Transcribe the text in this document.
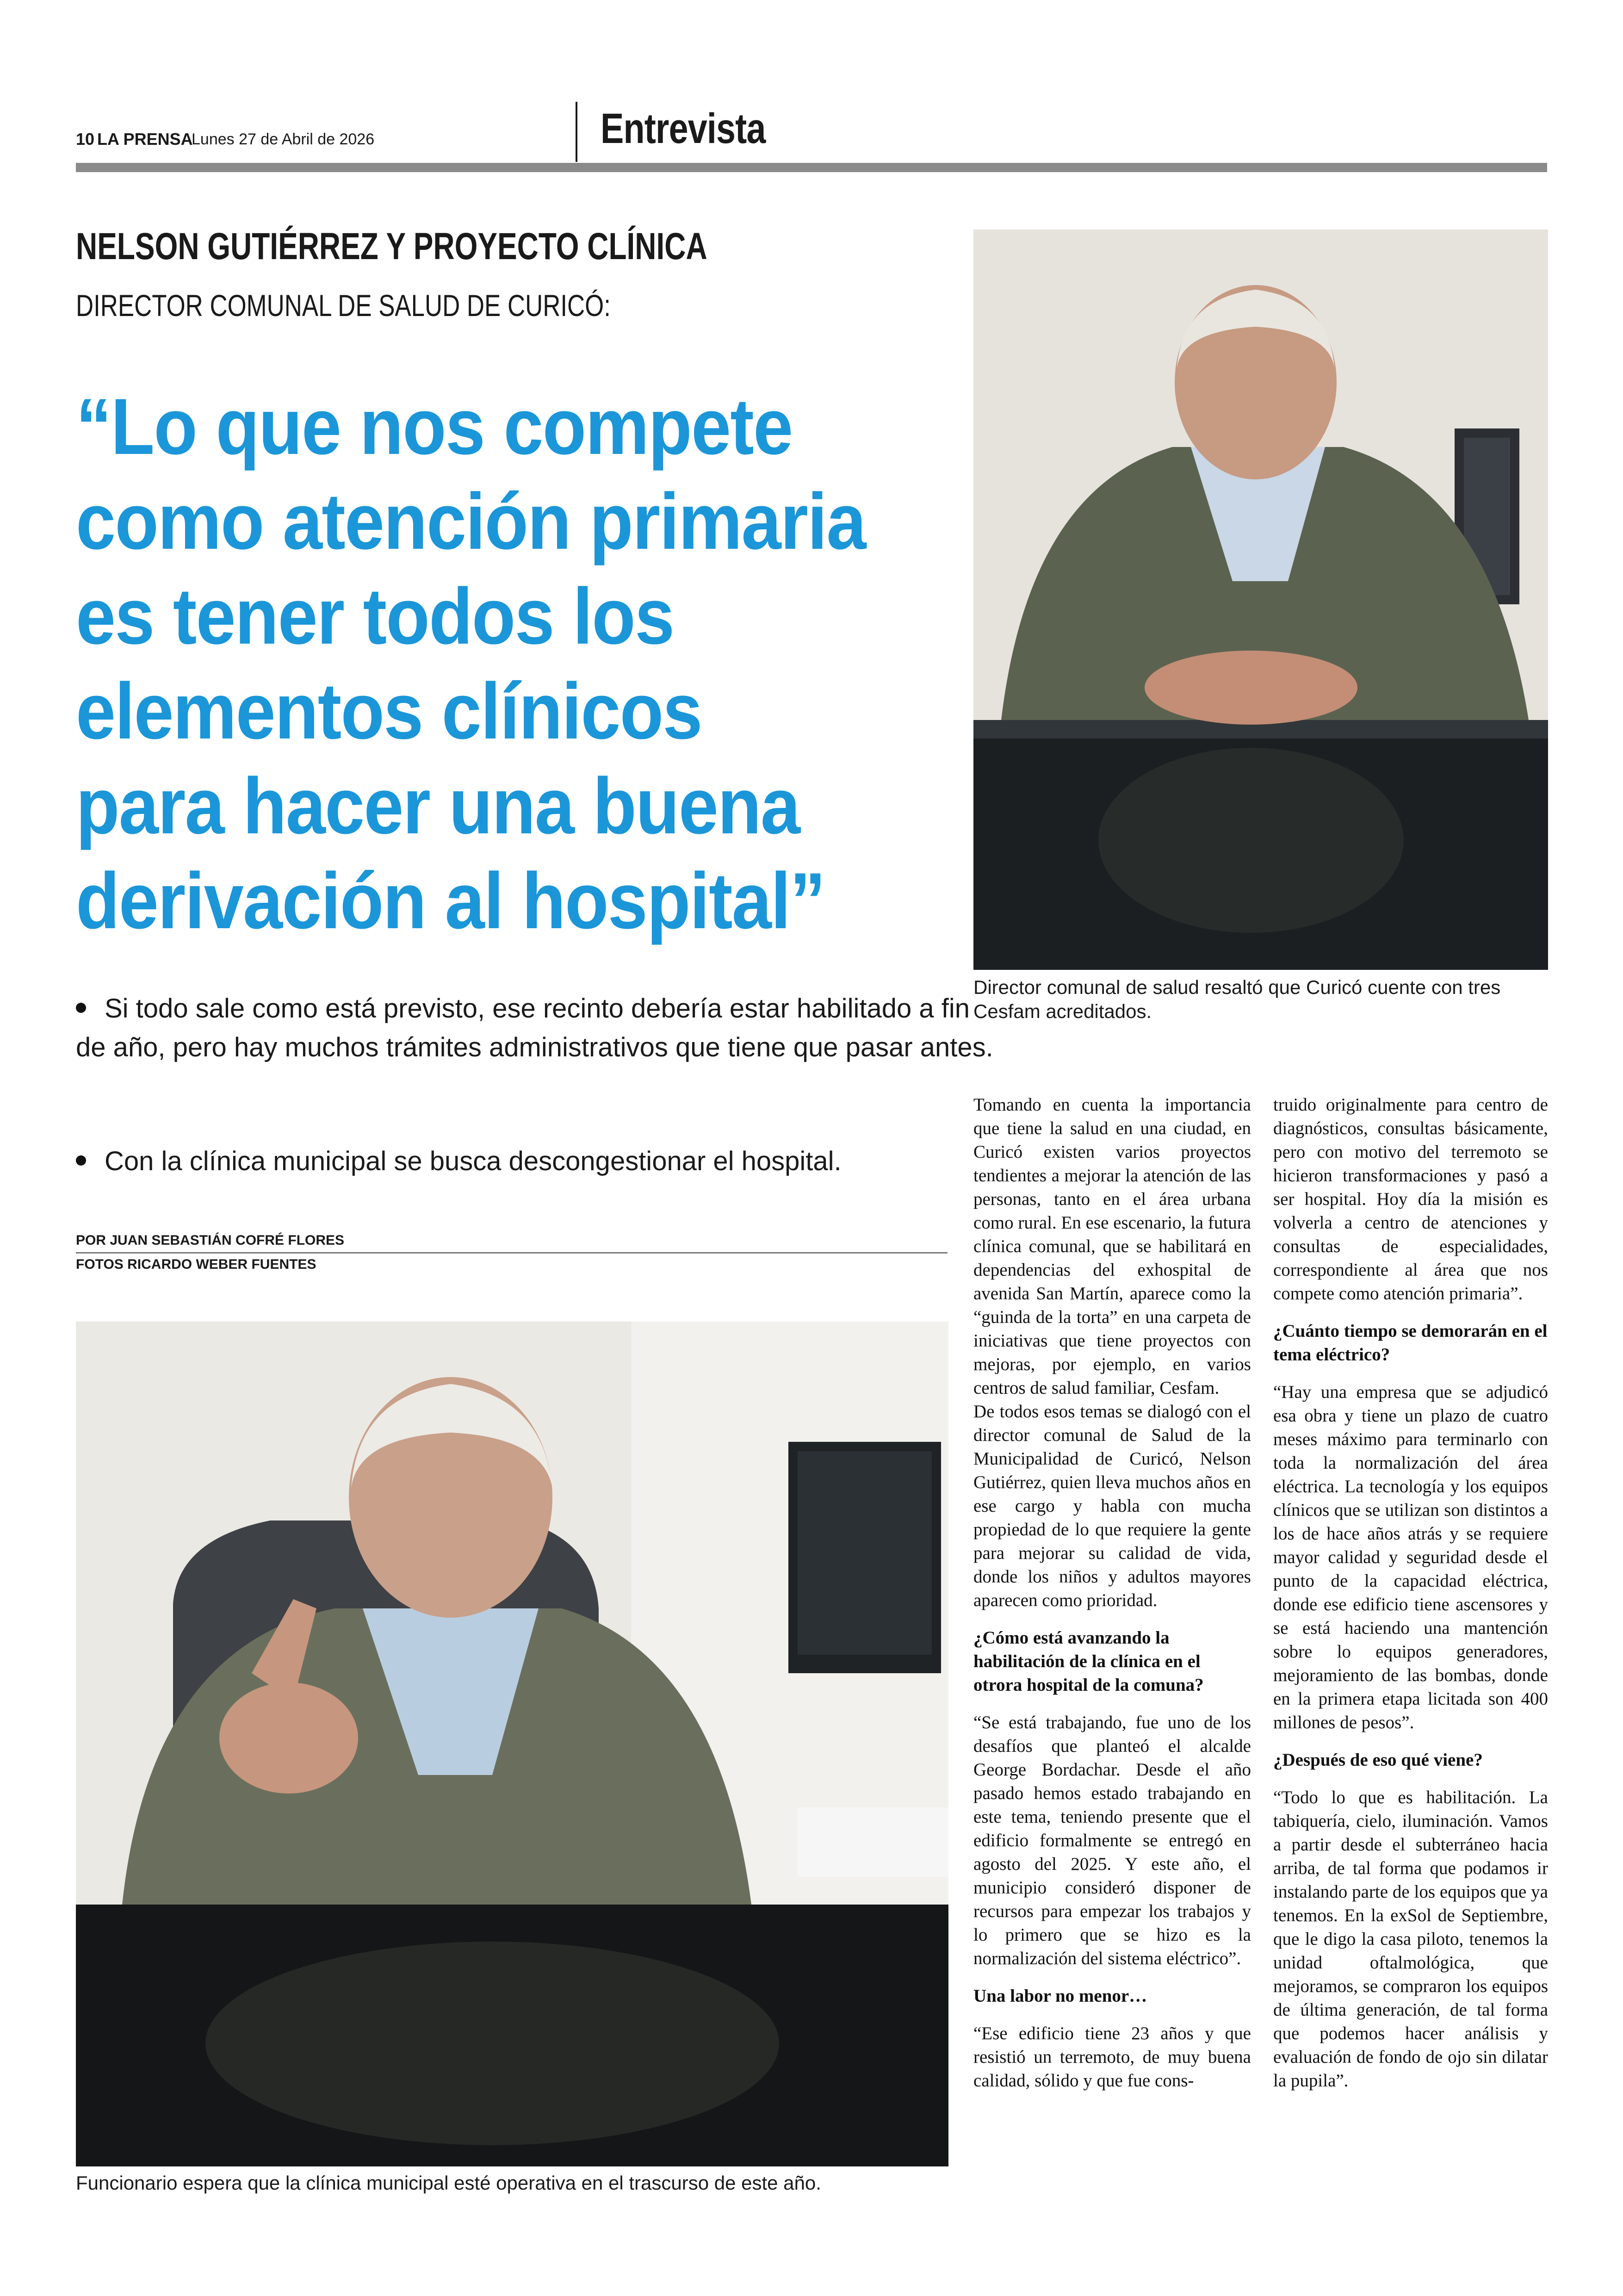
10 LA PRENSA
Lunes 27 de Abril de 2026	Entrevista
NELSON GUTIÉRREZ Y PROYECTO CLÍNICA
DIRECTOR COMUNAL DE SALUD DE CURICÓ:
“Lo que nos compete
como atención primaria
es tener todos los
elementos clínicos
para hacer una buena
derivación al hospital”
Si todo sale como está previsto, ese recinto debería estar habilitado a fin de año, pero hay muchos trámites administrativos que tiene que pasar antes.
Con la clínica municipal se busca descongestionar el hospital.
POR JUAN SEBASTIÁN COFRÉ FLORES
FOTOS RICARDO WEBER FUENTES
Director comunal de salud resaltó que Curicó cuente con tres Cesfam acreditados.
Funcionario espera que la clínica municipal esté operativa en el trascurso de este año.

Tomando en cuenta la importancia que tiene la salud en una ciudad, en Curicó existen varios proyectos tendientes a mejorar la atención de las personas, tanto en el área urbana como rural. En ese escenario, la futura clínica comunal, que se habilitará en dependencias del exhospital de avenida San Martín, aparece como la “guinda de la torta” en una carpeta de iniciativas que tiene proyectos con mejoras, por ejemplo, en varios centros de salud familiar, Cesfam.

De todos esos temas se dialogó con el director comunal de Salud de la Municipalidad de Curicó, Nelson Gutiérrez, quien lleva muchos años en ese cargo y habla con mucha propiedad de lo que requiere la gente para mejorar su calidad de vida, donde los niños y adultos mayores aparecen como prioridad.

¿Cómo está avanzando la habilitación de la clínica en el otrora hospital de la comuna?

“Se está trabajando, fue uno de los desafíos que planteó el alcalde George Bordachar. Desde el año pasado hemos estado trabajando en este tema, teniendo presente que el edificio formalmente se entregó en agosto del 2025. Y este año, el municipio consideró disponer de recursos para empezar los trabajos y lo primero que se hizo es la normalización del sistema eléctrico”.

Una labor no menor…

“Ese edificio tiene 23 años y que resistió un terremoto, de muy buena calidad, sólido y que fue cons-

truido originalmente para centro de diagnósticos, consultas básicamente, pero con motivo del terremoto se hicieron transformaciones y pasó a ser hospital. Hoy día la misión es volverla a centro de atenciones y consultas de especialidades, correspondiente al área que nos compete como atención primaria”.

¿Cuánto tiempo se demorarán en el tema eléctrico?

“Hay una empresa que se adjudicó esa obra y tiene un plazo de cuatro meses máximo para terminarlo con toda la normalización del área eléctrica. La tecnología y los equipos clínicos que se utilizan son distintos a los de hace años atrás y se requiere mayor calidad y seguridad desde el punto de la capacidad eléctrica, donde ese edificio tiene ascensores y se está haciendo una mantención sobre lo equipos generadores, mejoramiento de las bombas, donde en la primera etapa licitada son 400 millones de pesos”.

¿Después de eso qué viene?

“Todo lo que es habilitación. La tabiquería, cielo, iluminación. Vamos a partir desde el subterráneo hacia arriba, de tal forma que podamos ir instalando parte de los equipos que ya tenemos. En la exSol de Septiembre, que le digo la casa piloto, tenemos la unidad oftalmológica, que mejoramos, se compraron los equipos de última generación, de tal forma que podemos hacer análisis y evaluación de fondo de ojo sin dilatar la pupila”.
